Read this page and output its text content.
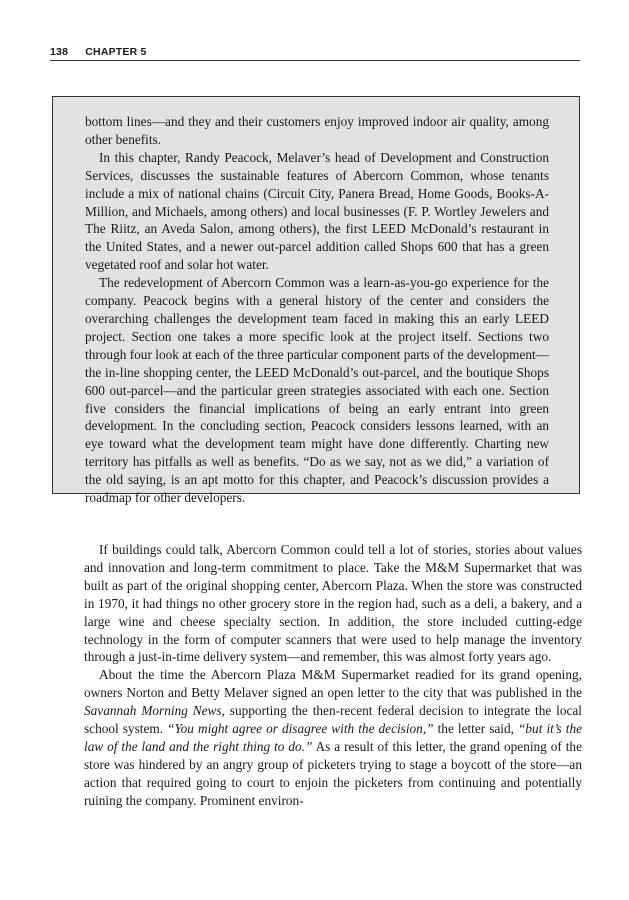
138 CHAPTER 5

bottom lines—and they and their customers enjoy improved indoor air quality, among other benefits.

In this chapter, Randy Peacock, Melaver’s head of Development and Construction Services, discusses the sustainable features of Abercorn Common, whose tenants include a mix of national chains (Circuit City, Panera Bread, Home Goods, Books-A-Million, and Michaels, among others) and local businesses (F. P. Wortley Jewelers and The Riitz, an Aveda Salon, among others), the first LEED McDonald’s restaurant in the United States, and a newer out-parcel addition called Shops 600 that has a green vegetated roof and solar hot water.

The redevelopment of Abercorn Common was a learn-as-you-go experience for the company. Peacock begins with a general history of the center and considers the overarching challenges the development team faced in making this an early LEED project. Section one takes a more specific look at the project itself. Sections two through four look at each of the three particular component parts of the development—the in-line shopping center, the LEED McDonald’s out-parcel, and the boutique Shops 600 out-parcel—and the particular green strategies associated with each one. Section five considers the financial implications of being an early entrant into green development. In the concluding section, Peacock considers lessons learned, with an eye toward what the development team might have done differently. Charting new territory has pitfalls as well as benefits. “Do as we say, not as we did,” a variation of the old saying, is an apt motto for this chapter, and Peacock’s discussion provides a roadmap for other developers.

If buildings could talk, Abercorn Common could tell a lot of stories, stories about values and innovation and long-term commitment to place. Take the M&M Supermarket that was built as part of the original shopping center, Abercorn Plaza. When the store was constructed in 1970, it had things no other grocery store in the region had, such as a deli, a bakery, and a large wine and cheese specialty section. In addition, the store included cutting-edge technology in the form of computer scanners that were used to help manage the inventory through a just-in-time delivery system—and remember, this was almost forty years ago.

About the time the Abercorn Plaza M&M Supermarket readied for its grand opening, owners Norton and Betty Melaver signed an open letter to the city that was published in the Savannah Morning News, supporting the then-recent federal decision to integrate the local school system. “You might agree or disagree with the decision,” the letter said, “but it’s the law of the land and the right thing to do.” As a result of this letter, the grand opening of the store was hindered by an angry group of picketers trying to stage a boycott of the store—an action that required going to court to enjoin the picketers from continuing and potentially ruining the company. Prominent environ-
